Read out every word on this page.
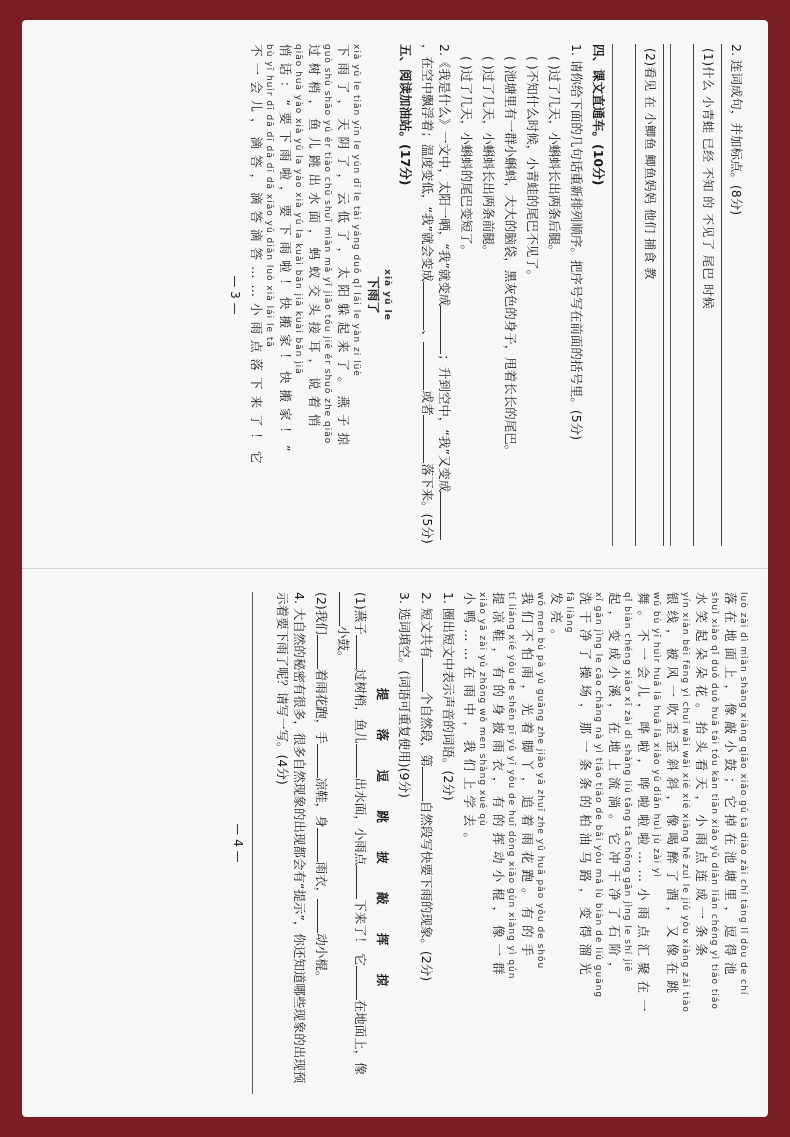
2. 连词成句，并加标点。(8分)
(1)什么 小青蛙 已经 不知 的 不见了 尾巴 时候
(2)看见 在 小鲫鱼 鲫鱼妈妈 他们 捕食 教
四、课文直通车。(10分)
1. 请你给下面的几句话重新排列顺序。把序号写在前面的括号里。(5分)
( )过了几天，小蝌蚪长出两条后腿。
( )不知什么时候，小青蛙的尾巴不见了。
( )池塘里有一群小蝌蚪，大大的脑袋，黑灰色的身子，甩着长长的尾巴。
( )过了几天，小蝌蚪长出两条前腿。
( )过了几天，小蝌蚪的尾巴变短了。
2.《我是什么》一文中，太阳一晒，“我”就变成；升到空中，“我”又变成，在空中飘浮着；温度变低，“我”就会变成、或者落下来。(5分)
五、阅读加油站。(17分)
xià yǔ le
下雨了
xià yǔ le tiān yīn le yún dī le tài yáng duǒ qǐ lái le yàn zi lüè
下雨了，天阴了，云低了，太阳躲起来了。燕子掠
guò shù shāo yú ér tiào chū shuǐ miàn mǎ yǐ jiāo tóu jiē ěr shuō zhe qiāo
过树梢，鱼儿跳出水面，蚂蚁交头接耳，说着悄
qiāo huà yào xià yǔ la yào xià yǔ la kuài bān jiā kuài bān jiā
悄话：“要下雨啦，要下雨啦！快搬家！快搬家！”
bù yī huìr dī dā dī dā dī dā xiǎo yǔ diǎn luò xià lái le tā
不一会儿，滴答，滴答滴答……小雨点落下来了！它
— 3 —
luò zài dì miàn shàng xiàng qiāo xiǎo gǔ tā diào zài chí táng lǐ dòu de chí
落在地面上，像敲小鼓；它掉在池塘里，逗得池
shuǐ xiào qǐ duǒ duǒ huā tái tóu kàn tiān xiǎo yǔ diǎn lián chéng yì tiáo tiáo
水笑起朵朵花。抬头看天，小雨点连成一条条
yín xiàn bèi fēng yì chuī wāi wāi xié xié xiàng hē zuì le jiǔ yòu xiàng zài tiào
银线，被风一吹歪歪斜斜，像喝醉了酒，又像在跳
wǔ bù yī huìr huā lā huā lā xiǎo yǔ diǎn huì jù zài yì
舞。不一会儿，哗啦，哗啦啦啦……小雨点汇聚在一
qǐ biàn chéng xiǎo xī zài dì shàng liú tǎng tā chōng gān jìng le shí jiē
起，变成小溪，在地上流淌。它冲干净了石阶，
xǐ gān jìng le cāo chǎng nà yì tiáo tiáo de bǎi yóu mǎ lù biàn de liú guāng
洗干净了操场，那一条条的柏油马路，变得溜光
fā liàng
发亮。
wǒ men bú pà yǔ guāng zhe jiǎo yā zhuī zhe yǔ huā pǎo yǒu de shǒu
我们不怕雨，光着脚丫，追着雨花跑。有的手
tí liáng xié yǒu de shēn pī yǔ yī yǒu de huī dòng xiǎo gùn xiàng yì qún
提凉鞋，有的身披雨衣，有的挥动小棍，像一群
xiǎo yā zài yǔ zhōng wǒ men shàng xué qù
小鸭……在雨中，我们上学去。
1. 圈出短文中表示声音的词语。(2分)
2. 短文共有个自然段，第自然段写快要下雨的现象。(2分)
3. 选词填空。(词语可重复使用)(9分)
提 落 逗 跳 披 敲 挥 掠
(1)燕子过树梢，鱼儿出水面，小雨点下来了！ 它在地面上，像小鼓。
(2)我们着雨花跑，手凉鞋，身雨衣，动小棍。
4. 大自然的秘密有很多，很多自然现象的出现都会有“提示”，你还知道哪些现象的出现预示着要下雨了呢？请写一写。(4分)
— 4 —
